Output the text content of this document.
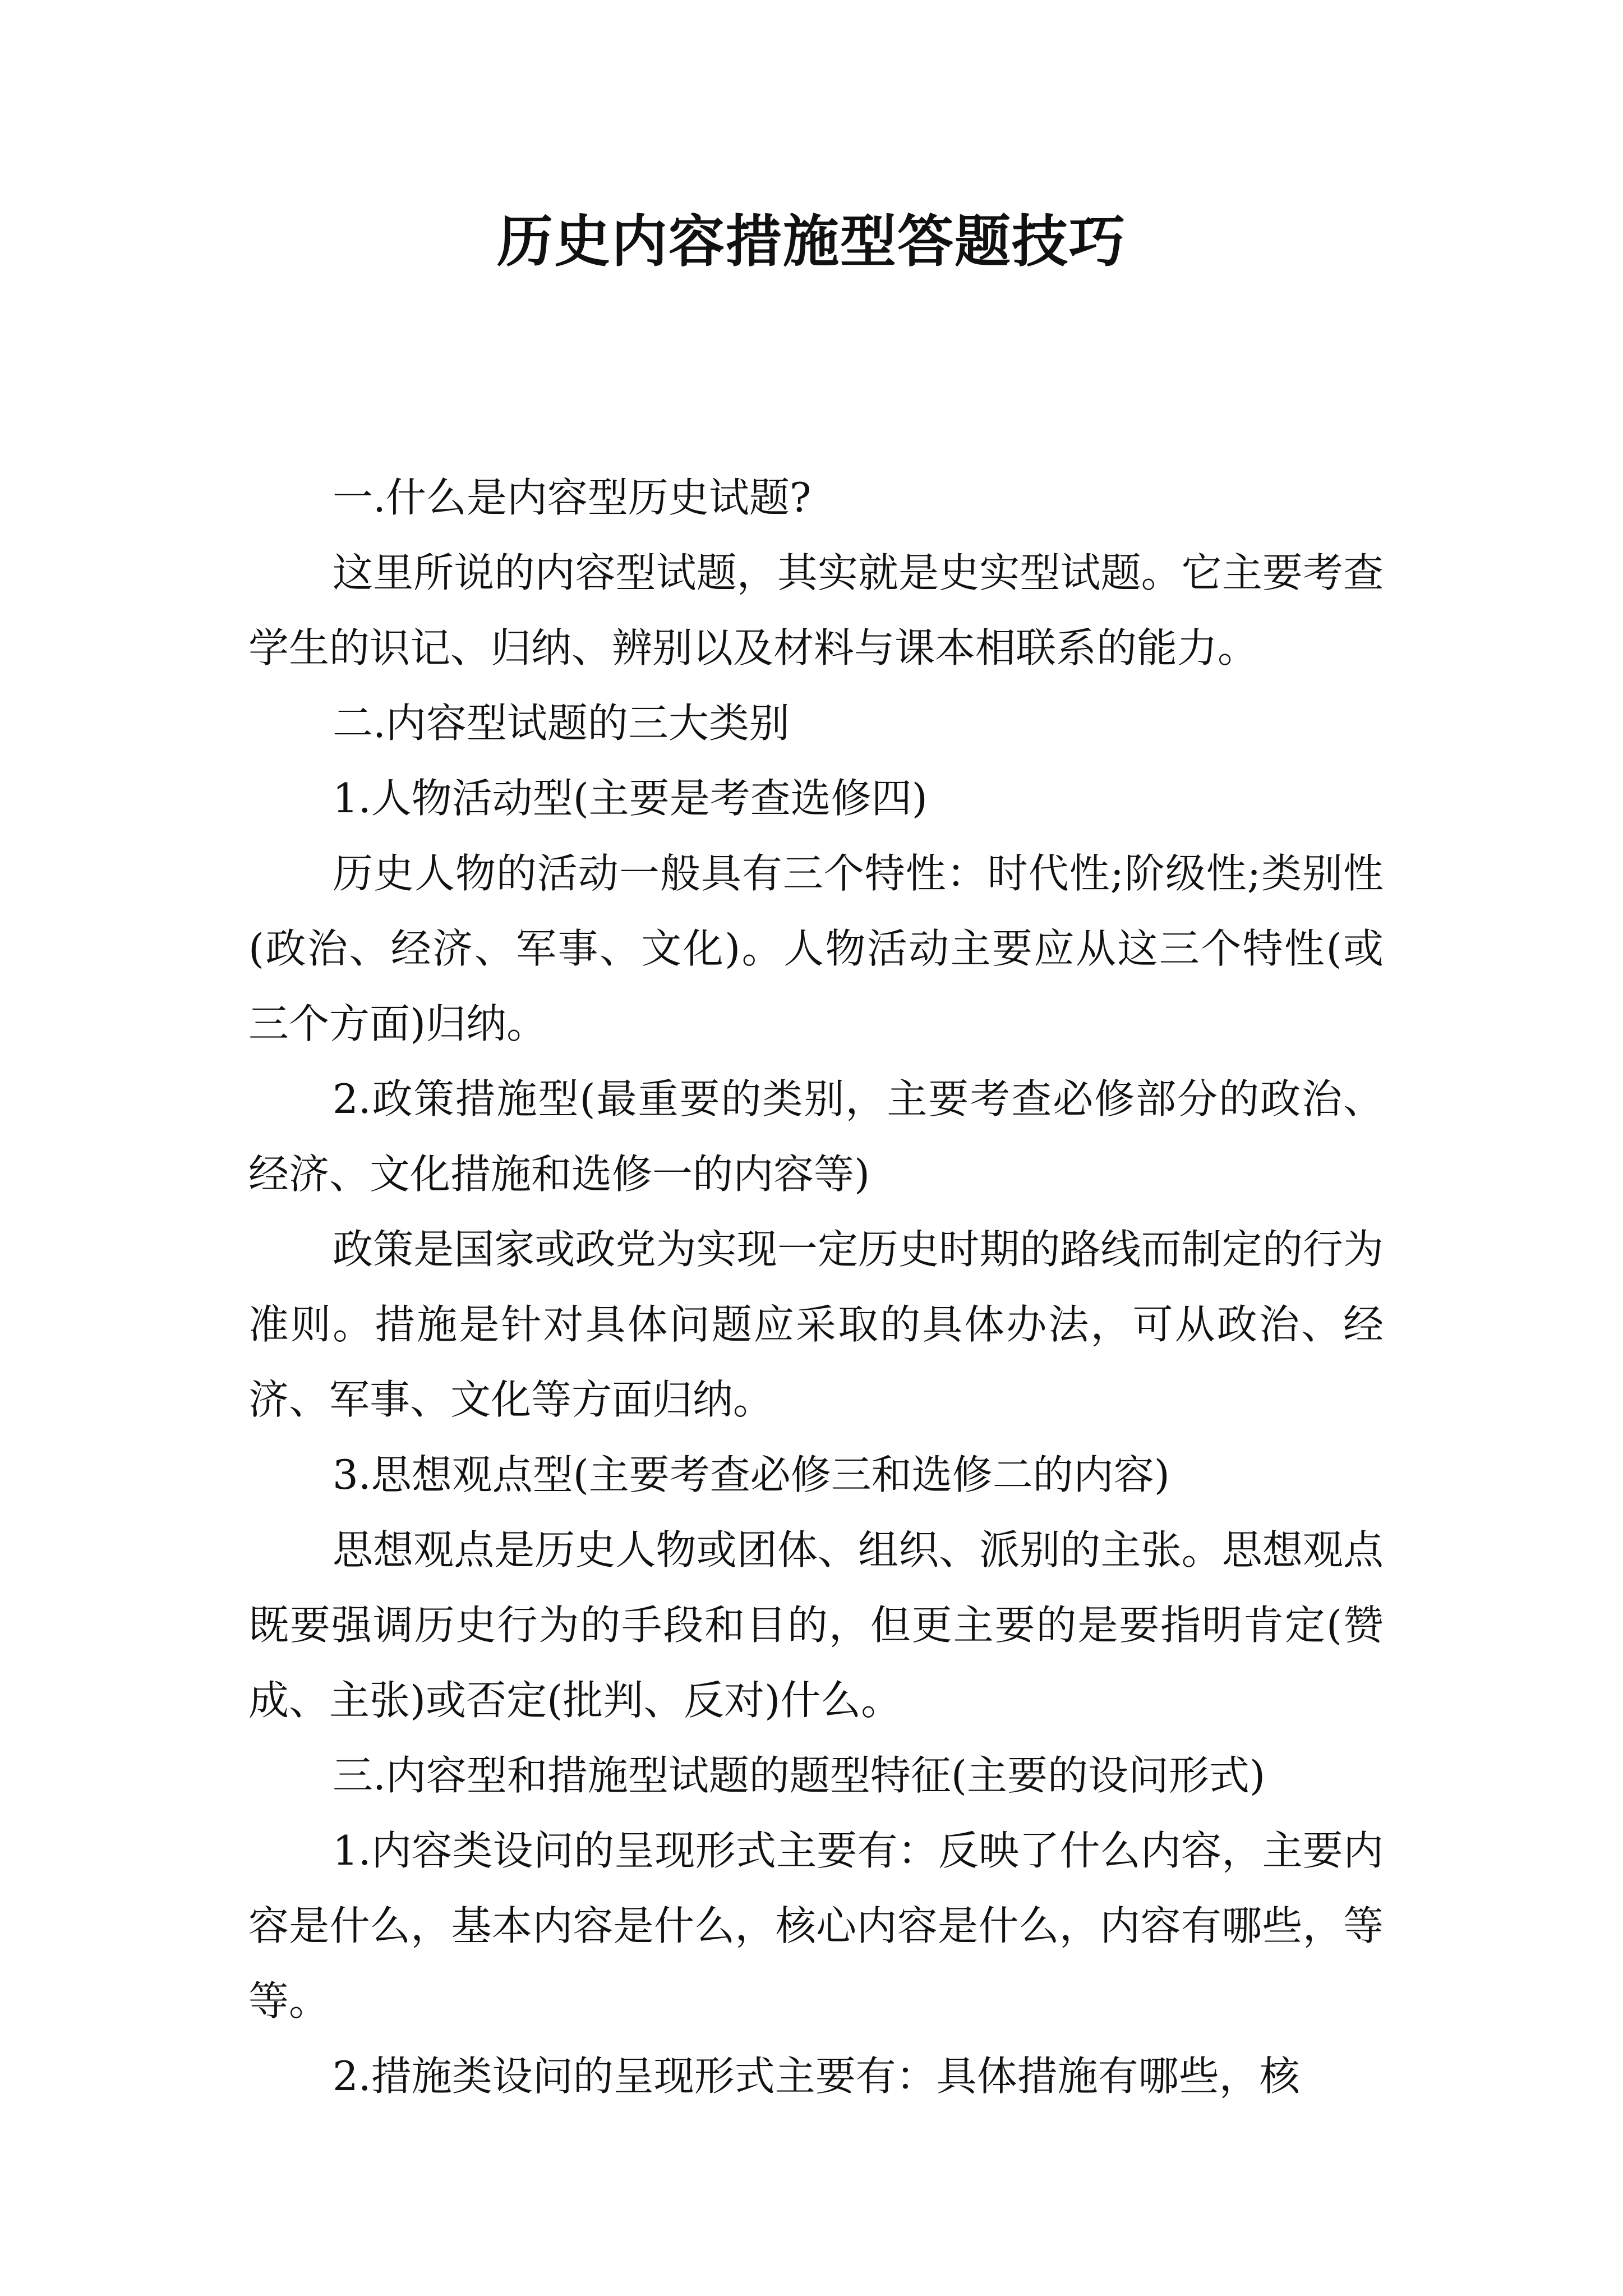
历史内容措施型答题技巧

一.什么是内容型历史试题?

这里所说的内容型试题，其实就是史实型试题。它主要考查学生的识记、归纳、辨别以及材料与课本相联系的能力。

二.内容型试题的三大类别

1.人物活动型(主要是考查选修四)

历史人物的活动一般具有三个特性：时代性;阶级性;类别性(政治、经济、军事、文化)。人物活动主要应从这三个特性(或三个方面)归纳。

2.政策措施型(最重要的类别，主要考查必修部分的政治、经济、文化措施和选修一的内容等)

政策是国家或政党为实现一定历史时期的路线而制定的行为准则。措施是针对具体问题应采取的具体办法，可从政治、经济、军事、文化等方面归纳。

3.思想观点型(主要考查必修三和选修二的内容)

思想观点是历史人物或团体、组织、派别的主张。思想观点既要强调历史行为的手段和目的，但更主要的是要指明肯定(赞成、主张)或否定(批判、反对)什么。

三.内容型和措施型试题的题型特征(主要的设问形式)

1.内容类设问的呈现形式主要有：反映了什么内容，主要内容是什么，基本内容是什么，核心内容是什么，内容有哪些，等等。

2.措施类设问的呈现形式主要有：具体措施有哪些，核
